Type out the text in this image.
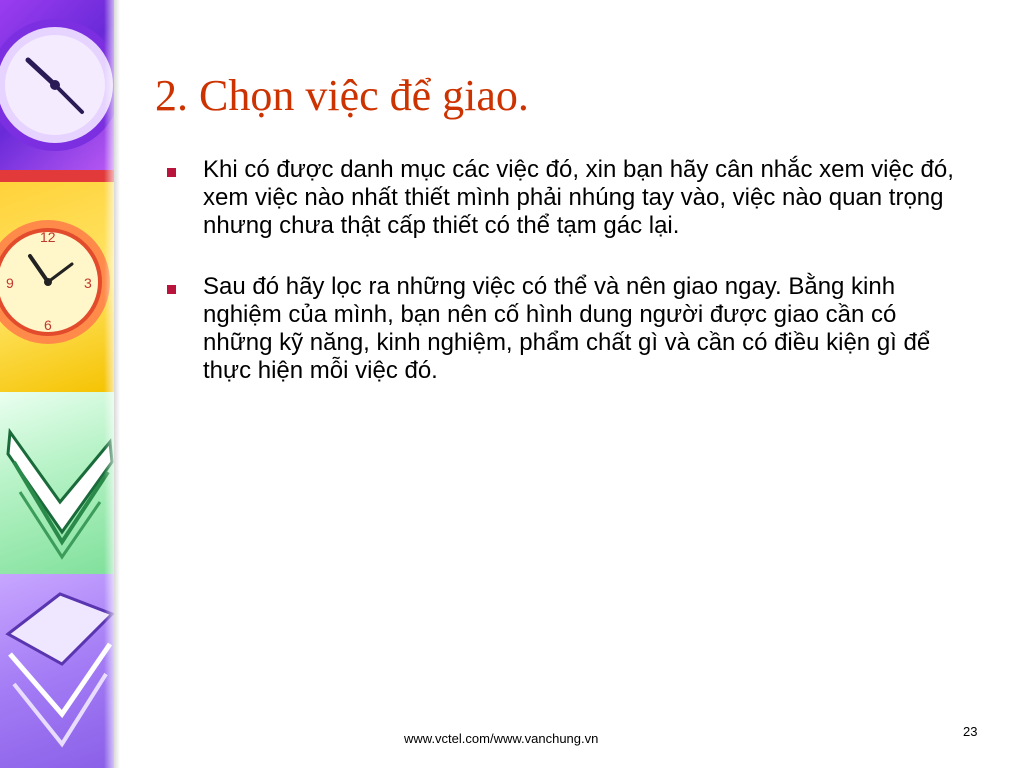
12
3
6
9
2. Chọn việc để giao.
Khi có được danh mục các việc đó, xin bạn hãy cân nhắc xem việc đó, xem việc nào nhất thiết mình phải nhúng tay vào, việc nào quan trọng nhưng chưa thật cấp thiết có thể tạm gác lại.
Sau đó hãy lọc ra những việc có thể và nên giao ngay. Bằng kinh nghiệm của mình, bạn nên cố hình dung người được giao cần có những kỹ năng, kinh nghiệm, phẩm chất gì và cần có điều kiện gì để thực hiện mỗi việc đó.
www.vctel.com/www.vanchung.vn	23
